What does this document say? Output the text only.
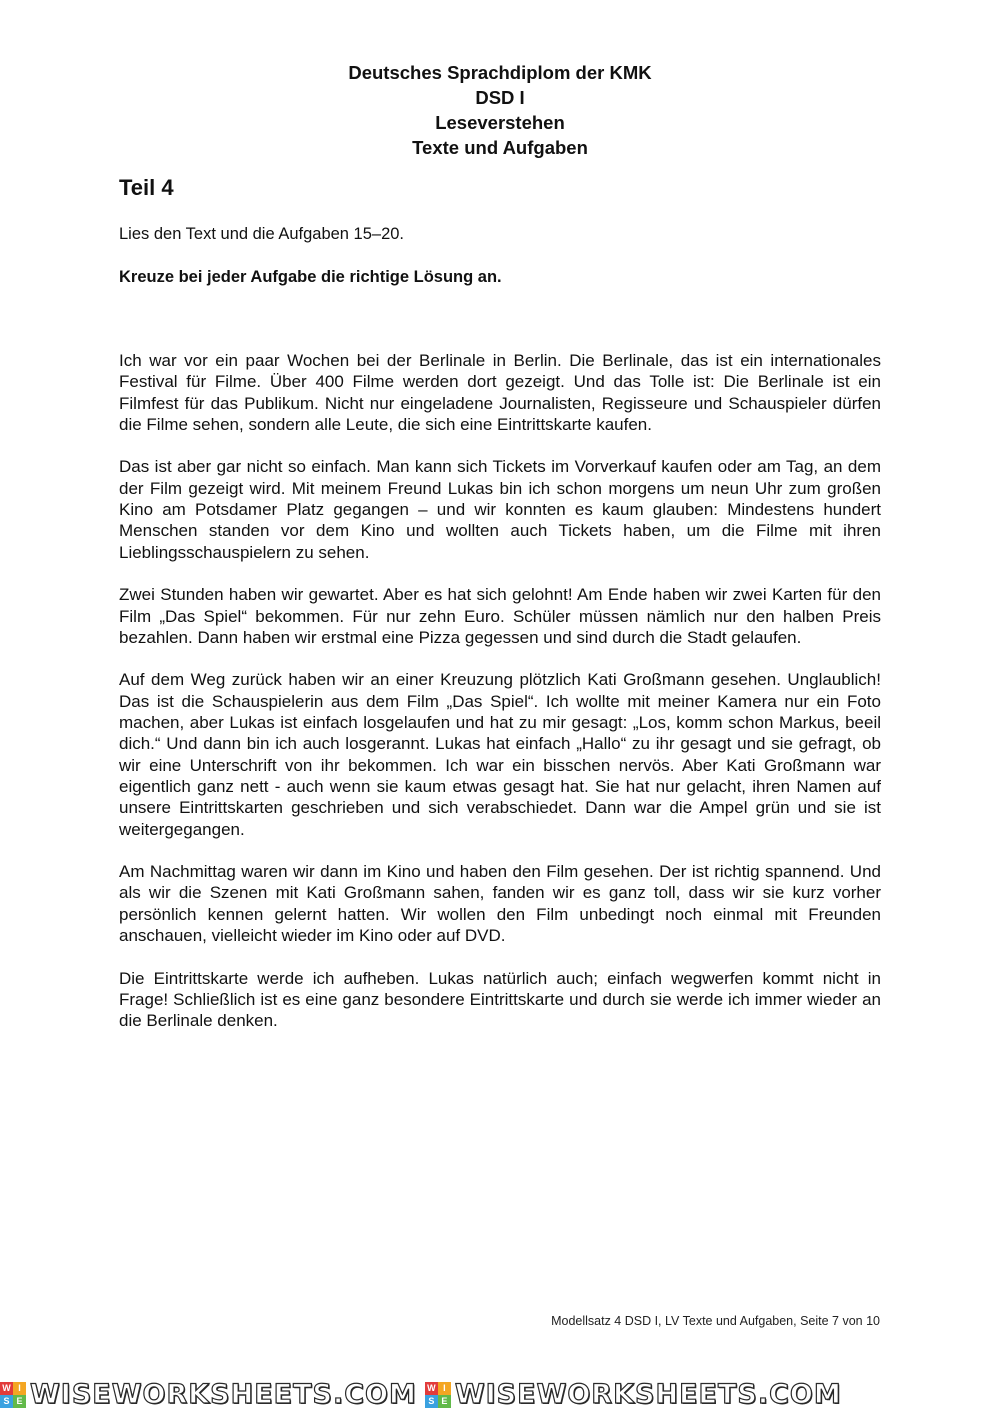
Deutsches Sprachdiplom der KMK
DSD I
Leseverstehen
Texte und Aufgaben
Teil 4
Lies den Text und die Aufgaben 15–20.
Kreuze bei jeder Aufgabe die richtige Lösung an.

Ich war vor ein paar Wochen bei der Berlinale in Berlin. Die Berlinale, das ist ein internationales Festival für Filme. Über 400 Filme werden dort gezeigt. Und das Tolle ist: Die Berlinale ist ein Filmfest für das Publikum. Nicht nur eingeladene Journalisten, Regisseure und Schauspieler dürfen die Filme sehen, sondern alle Leute, die sich eine Eintrittskarte kaufen.

Das ist aber gar nicht so einfach. Man kann sich Tickets im Vorverkauf kaufen oder am Tag, an dem der Film gezeigt wird. Mit meinem Freund Lukas bin ich schon morgens um neun Uhr zum großen Kino am Potsdamer Platz gegangen – und wir konnten es kaum glauben: Mindestens hundert Menschen standen vor dem Kino und wollten auch Tickets haben, um die Filme mit ihren Lieblingsschauspielern zu sehen.

Zwei Stunden haben wir gewartet. Aber es hat sich gelohnt! Am Ende haben wir zwei Karten für den Film „Das Spiel“ bekommen. Für nur zehn Euro. Schüler müssen nämlich nur den halben Preis bezahlen. Dann haben wir erstmal eine Pizza gegessen und sind durch die Stadt gelaufen.

Auf dem Weg zurück haben wir an einer Kreuzung plötzlich Kati Großmann gesehen. Unglaublich! Das ist die Schauspielerin aus dem Film „Das Spiel“. Ich wollte mit meiner Kamera nur ein Foto machen, aber Lukas ist einfach losgelaufen und hat zu mir gesagt: „Los, komm schon Markus, beeil dich.“ Und dann bin ich auch losgerannt. Lukas hat einfach „Hallo“ zu ihr gesagt und sie gefragt, ob wir eine Unterschrift von ihr bekommen. Ich war ein bisschen nervös. Aber Kati Großmann war eigentlich ganz nett - auch wenn sie kaum etwas gesagt hat. Sie hat nur gelacht, ihren Namen auf unsere Eintrittskarten geschrieben und sich verabschiedet. Dann war die Ampel grün und sie ist weitergegangen.

Am Nachmittag waren wir dann im Kino und haben den Film gesehen. Der ist richtig spannend. Und als wir die Szenen mit Kati Großmann sahen, fanden wir es ganz toll, dass wir sie kurz vorher persönlich kennen gelernt hatten. Wir wollen den Film unbedingt noch einmal mit Freunden anschauen, vielleicht wieder im Kino oder auf DVD.

Die Eintrittskarte werde ich aufheben. Lukas natürlich auch; einfach wegwerfen kommt nicht in Frage! Schließlich ist es eine ganz besondere Eintrittskarte und durch sie werde ich immer wieder an die Berlinale denken.

Modellsatz 4 DSD I, LV Texte und Aufgaben, Seite 7 von 10
W I
S E WISEWORKSHEETS.COM W I
S E WISEWORKSHEETS.COM
